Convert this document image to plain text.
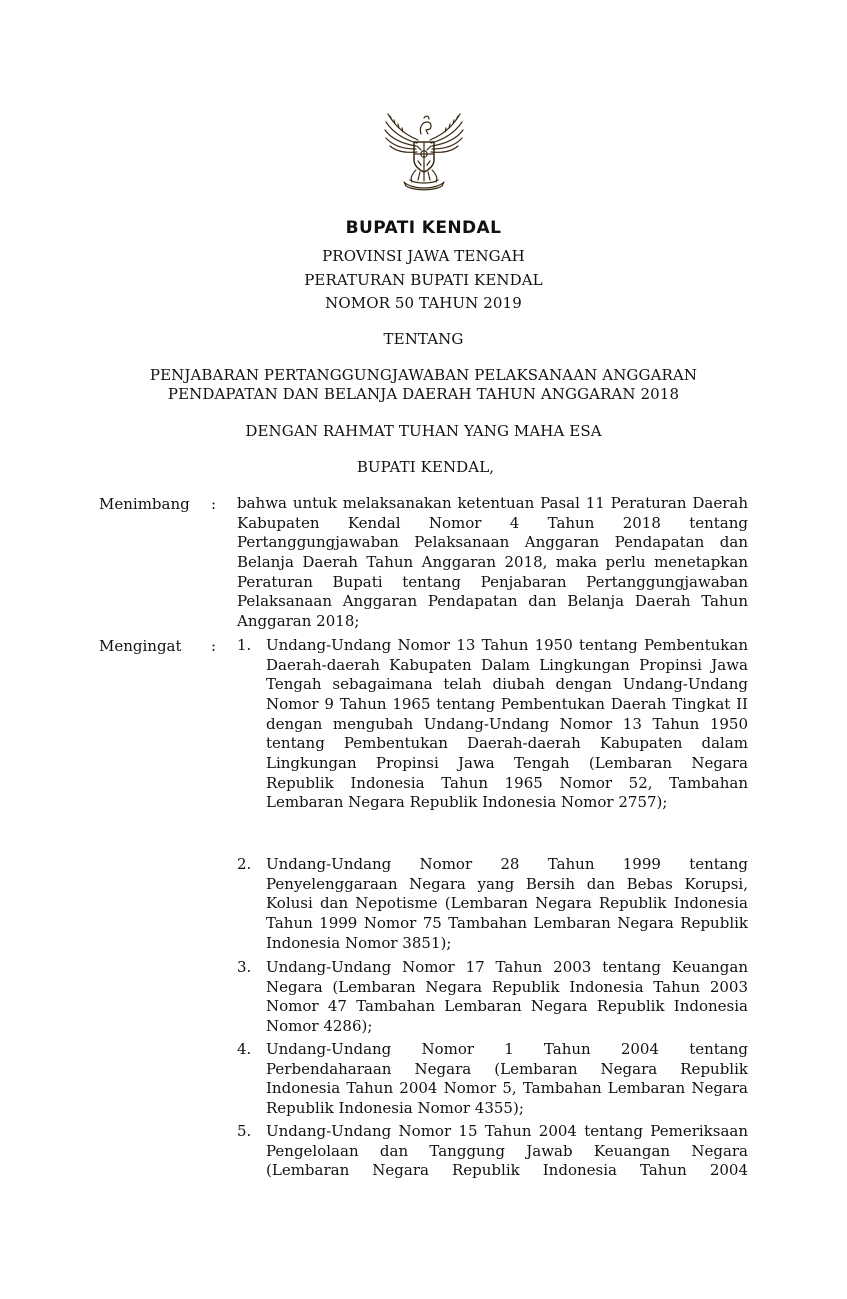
BUPATI KENDAL
PROVINSI JAWA TENGAH
PERATURAN BUPATI KENDAL
NOMOR 50 TAHUN 2019
TENTANG
PENJABARAN PERTANGGUNGJAWABAN PELAKSANAAN ANGGARAN
PENDAPATAN DAN BELANJA DAERAH TAHUN ANGGARAN 2018
DENGAN RAHMAT TUHAN YANG MAHA ESA
BUPATI KENDAL,
Menimbang : bahwa untuk melaksanakan ketentuan Pasal 11 Peraturan Daerah Kabupaten Kendal Nomor 4 Tahun 2018 tentang Pertanggungjawaban Pelaksanaan Anggaran Pendapatan dan Belanja Daerah Tahun Anggaran 2018, maka perlu menetapkan Peraturan Bupati tentang Penjabaran Pertanggungjawaban Pelaksanaan Anggaran Pendapatan dan Belanja Daerah Tahun Anggaran 2018;
Mengingat : 1. Undang-Undang Nomor 13 Tahun 1950 tentang Pembentukan Daerah-daerah Kabupaten Dalam Lingkungan Propinsi Jawa Tengah sebagaimana telah diubah dengan Undang-Undang Nomor 9 Tahun 1965 tentang Pembentukan Daerah Tingkat II dengan mengubah Undang-Undang Nomor 13 Tahun 1950 tentang Pembentukan Daerah-daerah Kabupaten dalam Lingkungan Propinsi Jawa Tengah (Lembaran Negara Republik Indonesia Tahun 1965 Nomor 52, Tambahan Lembaran Negara Republik Indonesia Nomor 2757);
2. Undang-Undang Nomor 28 Tahun 1999 tentang Penyelenggaraan Negara yang Bersih dan Bebas Korupsi, Kolusi dan Nepotisme (Lembaran Negara Republik Indonesia Tahun 1999 Nomor 75 Tambahan Lembaran Negara Republik Indonesia Nomor 3851);
3. Undang-Undang Nomor 17 Tahun 2003 tentang Keuangan Negara (Lembaran Negara Republik Indonesia Tahun 2003 Nomor 47 Tambahan Lembaran Negara Republik Indonesia Nomor 4286);
4. Undang-Undang Nomor 1 Tahun 2004 tentang Perbendaharaan Negara (Lembaran Negara Republik Indonesia Tahun 2004 Nomor 5, Tambahan Lembaran Negara Republik Indonesia Nomor 4355);
5. Undang-Undang Nomor 15 Tahun 2004 tentang Pemeriksaan Pengelolaan dan Tanggung Jawab Keuangan Negara (Lembaran Negara Republik Indonesia Tahun 2004
